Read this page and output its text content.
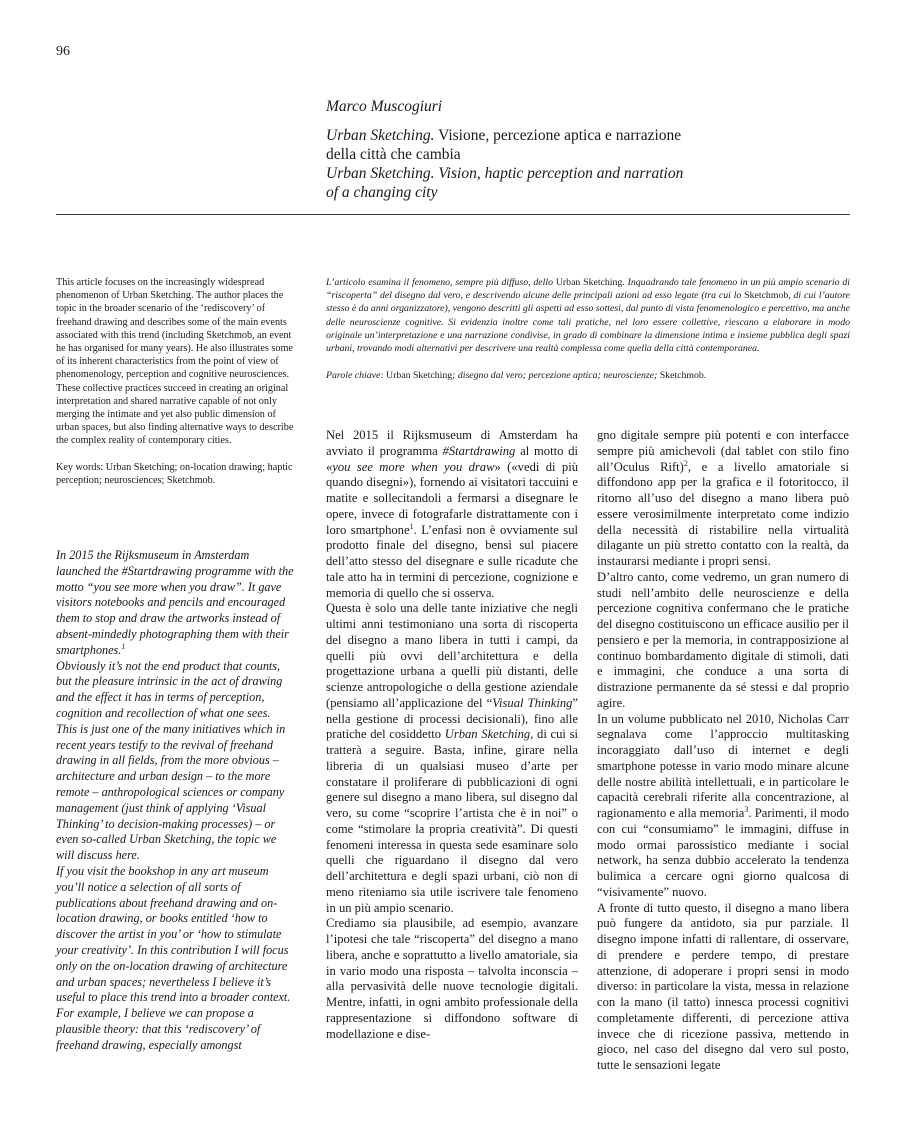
96
Marco Muscogiuri
Urban Sketching. Visione, percezione aptica e narrazione
della città che cambia
Urban Sketching. Vision, haptic perception and narration
of a changing city

This article focuses on the increasingly widespread phenomenon of Urban Sketching. The author places the topic in the broader scenario of the ‘rediscovery’ of freehand drawing and describes some of the main events associated with this trend (including Sketchmob, an event he has organised for many years). He also illustrates some of its inherent characteristics from the point of view of phenomenology, perception and cognitive neurosciences. These collective practices succeed in creating an original interpretation and shared narrative capable of not only merging the intimate and yet also public dimension of urban spaces, but also finding alternative ways to describe the complex reality of contemporary cities.

Key words: Urban Sketching; on-location drawing; haptic perception; neurosciences; Sketchmob.

L’articolo esamina il fenomeno, sempre più diffuso, dello Urban Sketching. Inquadrando tale fenomeno in un più ampio scenario di “riscoperta” del disegno dal vero, e descrivendo alcune delle principali azioni ad esso legate (tra cui lo Sketchmob, di cui l’autore stesso è da anni organizzatore), vengono descritti gli aspetti ad esso sottesi, dal punto di vista fenomenologico e percettivo, ma anche delle neuroscienze cognitive. Si evidenzia inoltre come tali pratiche, nel loro essere collettive, riescano a elaborare in modo originale un’interpretazione e una narrazione condivise, in grado di combinare la dimensione intima e insieme pubblica degli spazi urbani, trovando modi alternativi per descrivere una realtà complessa come quella della città contemporanea.

Parole chiave: Urban Sketching; disegno dal vero; percezione aptica; neuroscienze; Sketchmob.

In 2015 the Rijksmuseum in Amsterdam launched the #Startdrawing programme with the motto “you see more when you draw”. It gave visitors notebooks and pencils and encouraged them to stop and draw the artworks instead of absent-mindedly photographing them with their smartphones.$^1$

Obviously it’s not the end product that counts, but the pleasure intrinsic in the act of drawing and the effect it has in terms of perception, cognition and recollection of what one sees.

This is just one of the many initiatives which in recent years testify to the revival of freehand drawing in all fields, from the more obvious – architecture and urban design – to the more remote – anthropological sciences or company management (just think of applying ‘Visual Thinking’ to decision-making processes) – or even so-called Urban Sketching, the topic we will discuss here.

If you visit the bookshop in any art museum you’ll notice a selection of all sorts of publications about freehand drawing and on-location drawing, or books entitled ‘how to discover the artist in you’ or ‘how to stimulate your creativity’. In this contribution I will focus only on the on-location drawing of architecture and urban spaces; nevertheless I believe it’s useful to place this trend into a broader context.

For example, I believe we can propose a plausible theory: that this ‘rediscovery’ of freehand drawing, especially amongst

Nel 2015 il Rijksmuseum di Amsterdam ha avviato il programma #Startdrawing al motto di «you see more when you draw» («vedi di più quando disegni»), fornendo ai visitatori taccuini e matite e sollecitandoli a fermarsi a disegnare le opere, invece di fotografarle distrattamente con i loro smartphone$^1$. L’enfasi non è ovviamente sul prodotto finale del disegno, bensì sul piacere dell’atto stesso del disegnare e sulle ricadute che tale atto ha in termini di percezione, cognizione e memoria di quello che si osserva.

Questa è solo una delle tante iniziative che negli ultimi anni testimoniano una sorta di riscoperta del disegno a mano libera in tutti i campi, da quelli più ovvi dell’architettura e della progettazione urbana a quelli più distanti, delle scienze antropologiche o della gestione aziendale (pensiamo all’applicazione del “Visual Thinking” nella gestione di processi decisionali), fino alle pratiche del cosiddetto Urban Sketching, di cui si tratterà a seguire. Basta, infine, girare nella libreria di un qualsiasi museo d’arte per constatare il proliferare di pubblicazioni di ogni genere sul disegno a mano libera, sul disegno dal vero, su come “scoprire l’artista che è in noi” o come “stimolare la propria creatività”. Di questi fenomeni interessa in questa sede esaminare solo quelli che riguardano il disegno dal vero dell’architettura e degli spazi urbani, ciò non di meno riteniamo sia utile iscrivere tale fenomeno in un più ampio scenario.

Crediamo sia plausibile, ad esempio, avanzare l’ipotesi che tale “riscoperta” del disegno a mano libera, anche e soprattutto a livello amatoriale, sia in vario modo una risposta – talvolta inconscia – alla pervasività delle nuove tecnologie digitali. Mentre, infatti, in ogni ambito professionale della rappresentazione si diffondono software di modellazione e dise-

gno digitale sempre più potenti e con interfacce sempre più amichevoli (dal tablet con stilo fino all’Oculus Rift)$^2$, e a livello amatoriale si diffondono app per la grafica e il fotoritocco, il ritorno all’uso del disegno a mano libera può essere verosimilmente interpretato come indizio della necessità di ristabilire nella virtualità dilagante un più stretto contatto con la realtà, da instaurarsi mediante i propri sensi.

D’altro canto, come vedremo, un gran numero di studi nell’ambito delle neuroscienze e della percezione cognitiva confermano che le pratiche del disegno costituiscono un efficace ausilio per il pensiero e per la memoria, in contrapposizione al continuo bombardamento digitale di stimoli, dati e immagini, che conduce a una sorta di distrazione permanente da sé stessi e dal proprio agire.

In un volume pubblicato nel 2010, Nicholas Carr segnalava come l’approccio multitasking incoraggiato dall’uso di internet e degli smartphone potesse in vario modo minare alcune delle nostre abilità intellettuali, e in particolare le capacità cerebrali riferite alla concentrazione, al ragionamento e alla memoria$^3$. Parimenti, il modo con cui “consumiamo” le immagini, diffuse in modo ormai parossistico mediante i social network, ha senza dubbio accelerato la tendenza bulimica a cercare ogni giorno qualcosa di “visivamente” nuovo.

A fronte di tutto questo, il disegno a mano libera può fungere da antidoto, sia pur parziale. Il disegno impone infatti di rallentare, di osservare, di prendere e perdere tempo, di prestare attenzione, di adoperare i propri sensi in modo diverso: in particolare la vista, messa in relazione con la mano (il tatto) innesca processi cognitivi completamente differenti, di percezione attiva invece che di ricezione passiva, mettendo in gioco, nel caso del disegno dal vero sul posto, tutte le sensazioni legate
